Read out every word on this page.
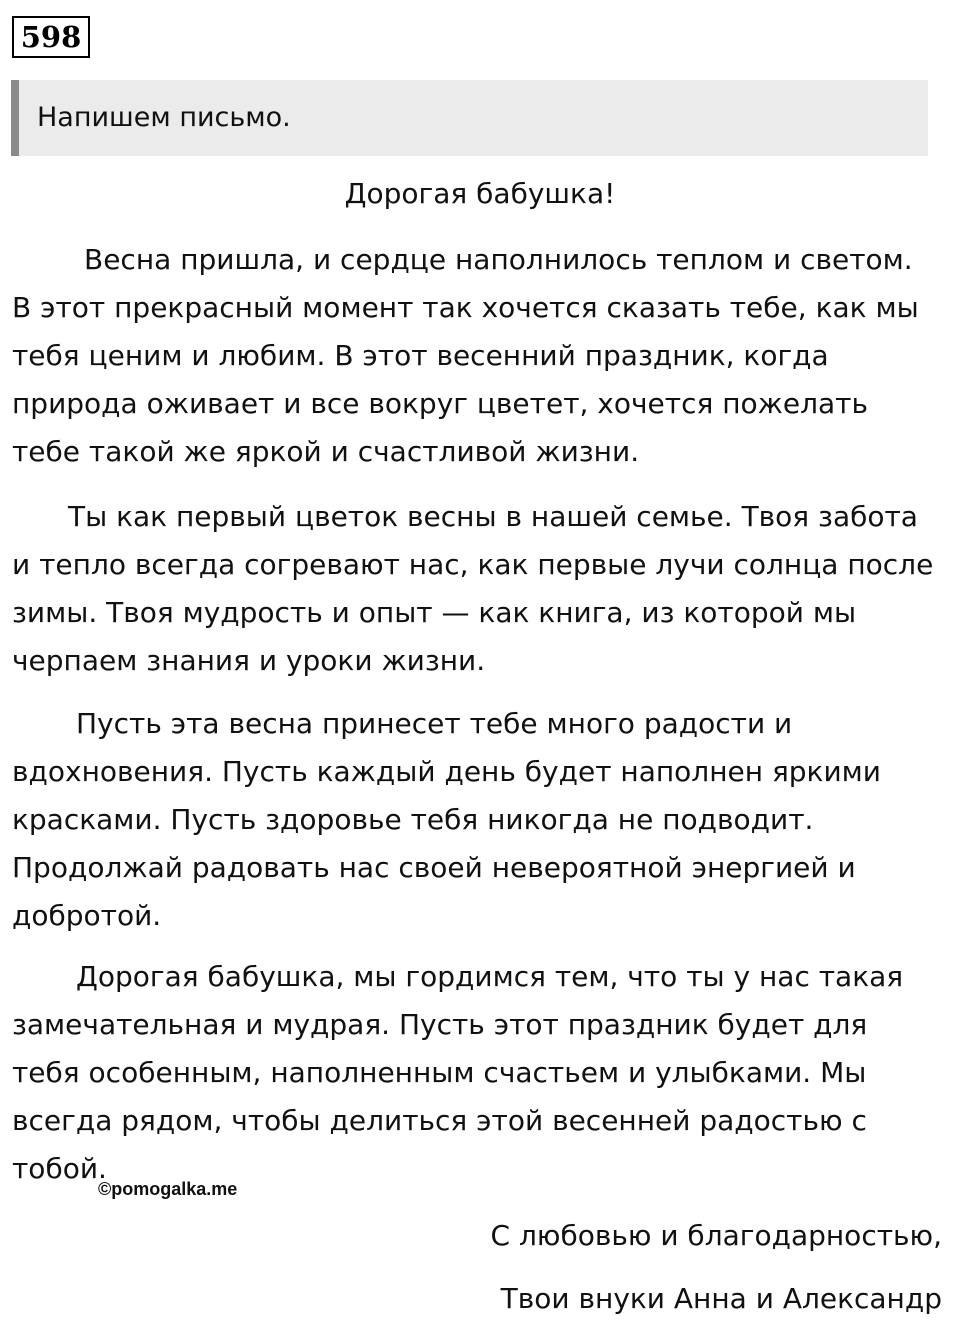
598
Напишем письмо.
Дорогая бабушка!
Весна пришла, и сердце наполнилось теплом и светом.
В этот прекрасный момент так хочется сказать тебе, как мы
тебя ценим и любим. В этот весенний праздник, когда
природа оживает и все вокруг цветет, хочется пожелать
тебе такой же яркой и счастливой жизни.
Ты как первый цветок весны в нашей семье. Твоя забота
и тепло всегда согревают нас, как первые лучи солнца после
зимы. Твоя мудрость и опыт — как книга, из которой мы
черпаем знания и уроки жизни.
Пусть эта весна принесет тебе много радости и
вдохновения. Пусть каждый день будет наполнен яркими
красками. Пусть здоровье тебя никогда не подводит.
Продолжай радовать нас своей невероятной энергией и
добротой.
Дорогая бабушка, мы гордимся тем, что ты у нас такая
замечательная и мудрая. Пусть этот праздник будет для
тебя особенным, наполненным счастьем и улыбками. Мы
всегда рядом, чтобы делиться этой весенней радостью с
тобой.
©pomogalka.me
С любовью и благодарностью,
Твои внуки Анна и Александр
